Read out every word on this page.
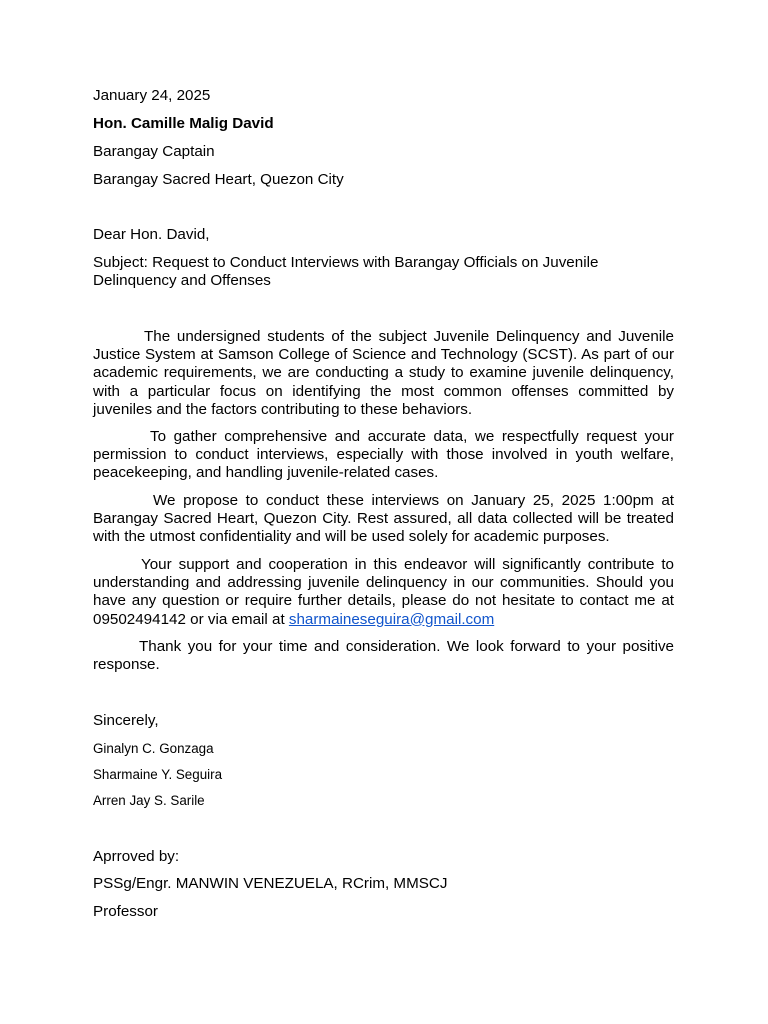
January 24, 2025
Hon. Camille Malig David
Barangay Captain
Barangay Sacred Heart, Quezon City
Dear Hon. David,
Subject: Request to Conduct Interviews with Barangay Officials on Juvenile Delinquency and Offenses
The undersigned students of the subject Juvenile Delinquency and Juvenile Justice System at Samson College of Science and Technology (SCST). As part of our academic requirements, we are conducting a study to examine juvenile delinquency, with a particular focus on identifying the most common offenses committed by juveniles and the factors contributing to these behaviors.
To gather comprehensive and accurate data, we respectfully request your permission to conduct interviews, especially with those involved in youth welfare, peacekeeping, and handling juvenile-related cases.
We propose to conduct these interviews on January 25, 2025 1:00pm at Barangay Sacred Heart, Quezon City. Rest assured, all data collected will be treated with the utmost confidentiality and will be used solely for academic purposes.
Your support and cooperation in this endeavor will significantly contribute to understanding and addressing juvenile delinquency in our communities. Should you have any question or require further details, please do not hesitate to contact me at 09502494142 or via email at sharmaineseguira@gmail.com
Thank you for your time and consideration. We look forward to your positive response.
Sincerely,
Ginalyn C. Gonzaga
Sharmaine Y. Seguira
Arren Jay S. Sarile
Aprroved by:
PSSg/Engr. MANWIN VENEZUELA, RCrim, MMSCJ
Professor
